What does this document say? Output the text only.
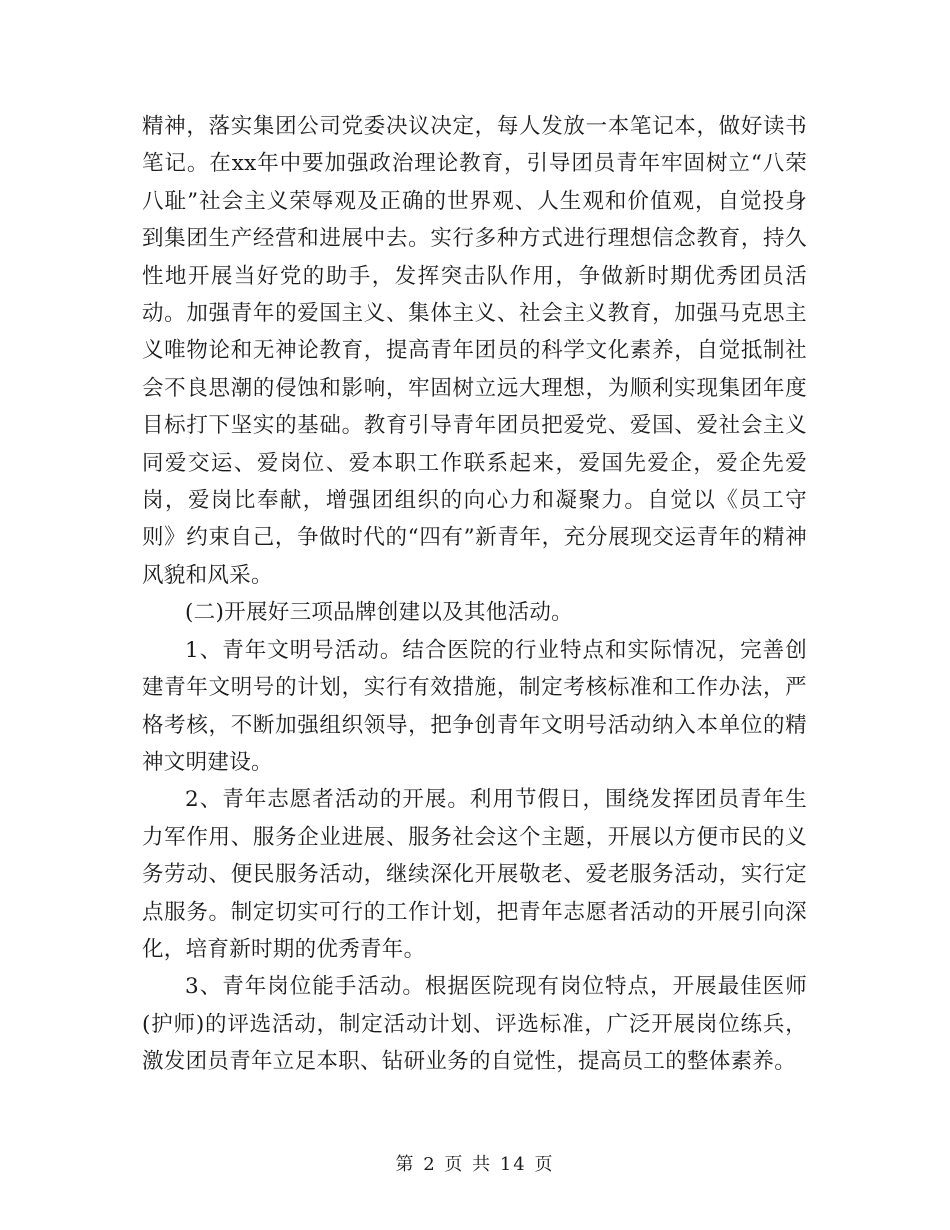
精神，落实集团公司党委决议决定，每人发放一本笔记本，做好读书笔记。在xx年中要加强政治理论教育，引导团员青年牢固树立“八荣八耻”社会主义荣辱观及正确的世界观、人生观和价值观，自觉投身到集团生产经营和进展中去。实行多种方式进行理想信念教育，持久性地开展当好党的助手，发挥突击队作用，争做新时期优秀团员活动。加强青年的爱国主义、集体主义、社会主义教育，加强马克思主义唯物论和无神论教育，提高青年团员的科学文化素养，自觉抵制社会不良思潮的侵蚀和影响，牢固树立远大理想，为顺利实现集团年度目标打下坚实的基础。教育引导青年团员把爱党、爱国、爱社会主义同爱交运、爱岗位、爱本职工作联系起来，爱国先爱企，爱企先爱岗，爱岗比奉献，增强团组织的向心力和凝聚力。自觉以《员工守则》约束自己，争做时代的“四有”新青年，充分展现交运青年的精神风貌和风采。

(二)开展好三项品牌创建以及其他活动。

1、青年文明号活动。结合医院的行业特点和实际情况，完善创建青年文明号的计划，实行有效措施，制定考核标准和工作办法，严格考核，不断加强组织领导，把争创青年文明号活动纳入本单位的精神文明建设。

2、青年志愿者活动的开展。利用节假日，围绕发挥团员青年生力军作用、服务企业进展、服务社会这个主题，开展以方便市民的义务劳动、便民服务活动，继续深化开展敬老、爱老服务活动，实行定点服务。制定切实可行的工作计划，把青年志愿者活动的开展引向深化，培育新时期的优秀青年。

3、青年岗位能手活动。根据医院现有岗位特点，开展最佳医师(护师)的评选活动，制定活动计划、评选标准，广泛开展岗位练兵，激发团员青年立足本职、钻研业务的自觉性，提高员工的整体素养。

第 2 页 共 14 页
